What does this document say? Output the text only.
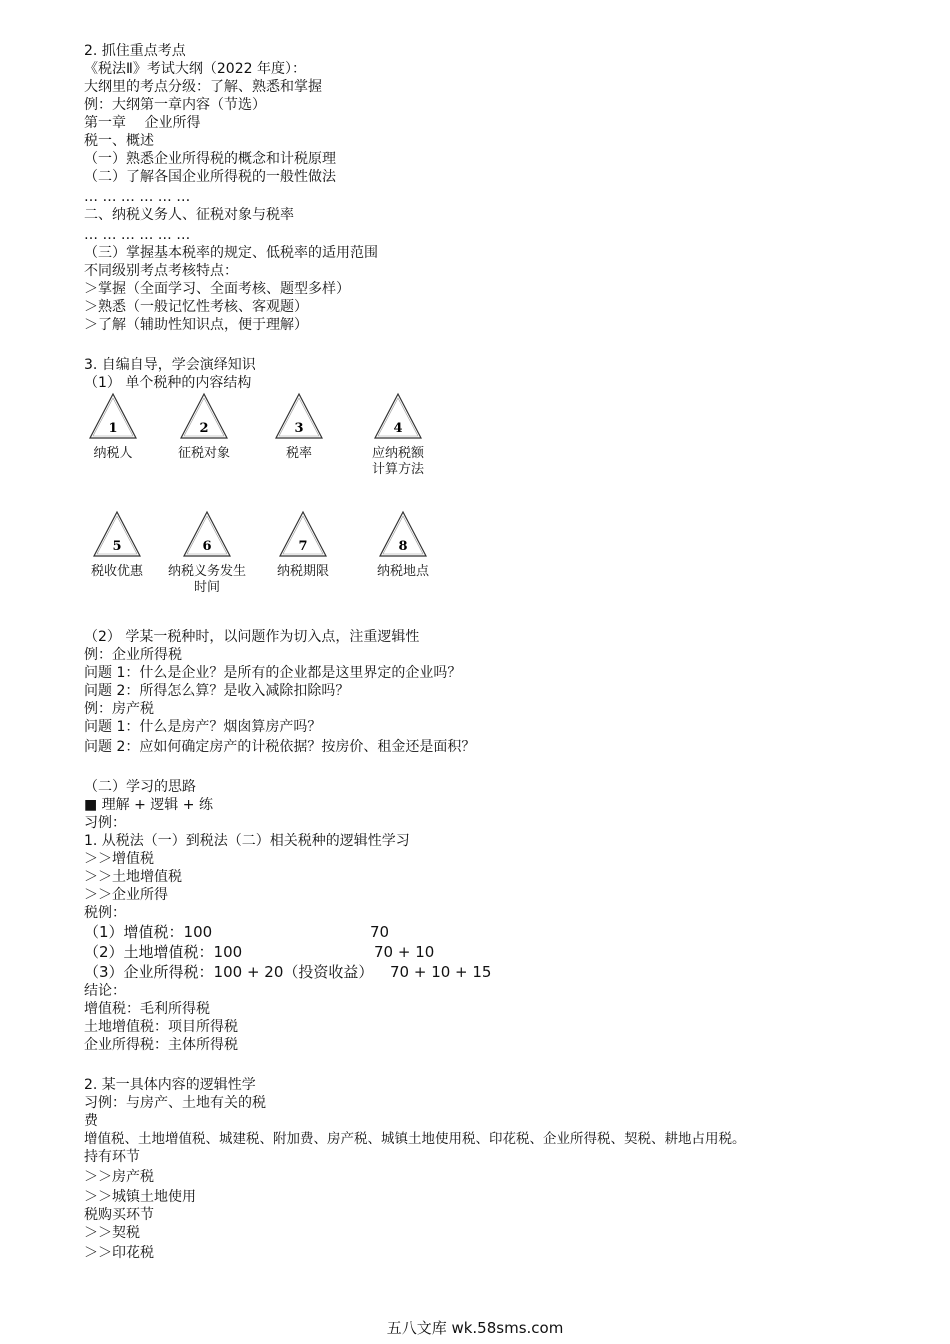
2. 抓住重点考点
《税法Ⅱ》考试大纲（2022 年度）：
大纲里的考点分级：了解、熟悉和掌握
例：大纲第一章内容（节选）
第一章　 企业所得
税一、概述
（一）熟悉企业所得税的概念和计税原理
（二）了解各国企业所得税的一般性做法
… … … … … …
二、纳税义务人、征税对象与税率
… … … … … …
（三）掌握基本税率的规定、低税率的适用范围
不同级别考点考核特点：
＞掌握（全面学习、全面考核、题型多样）
＞熟悉（一般记忆性考核、客观题）
＞了解（辅助性知识点，便于理解）
3. 自编自导，学会演绎知识
（1） 单个税种的内容结构
1
纳税人
2
征税对象
3
税率
4
应纳税额
计算方法
5
税收优惠
6
纳税义务发生
时间
7
纳税期限
8
纳税地点
（2） 学某一税种时，以问题作为切入点，注重逻辑性
例：企业所得税
问题 1：什么是企业？是所有的企业都是这里界定的企业吗？
问题 2：所得怎么算？是收入减除扣除吗？
例：房产税
问题 1：什么是房产？烟囱算房产吗？
问题 2：应如何确定房产的计税依据？按房价、租金还是面积？
（二）学习的思路
■ 理解 + 逻辑 + 练
习例：
1. 从税法（一）到税法（二）相关税种的逻辑性学习
＞＞增值税
＞＞土地增值税
＞＞企业所得
税例：
（1）增值税：100	70
（2）土地增值税：100	70 + 10
（3）企业所得税：100 + 20（投资收益） 70 + 10 + 15
结论：
增值税：毛利所得税
土地增值税：项目所得税
企业所得税：主体所得税
2. 某一具体内容的逻辑性学
习例：与房产、土地有关的税
费
增值税、土地增值税、城建税、附加费、房产税、城镇土地使用税、印花税、企业所得税、契税、耕地占用税。
持有环节
＞＞房产税
＞＞城镇土地使用
税购买环节
＞＞契税
＞＞印花税
五八文库 wk.58sms.com
